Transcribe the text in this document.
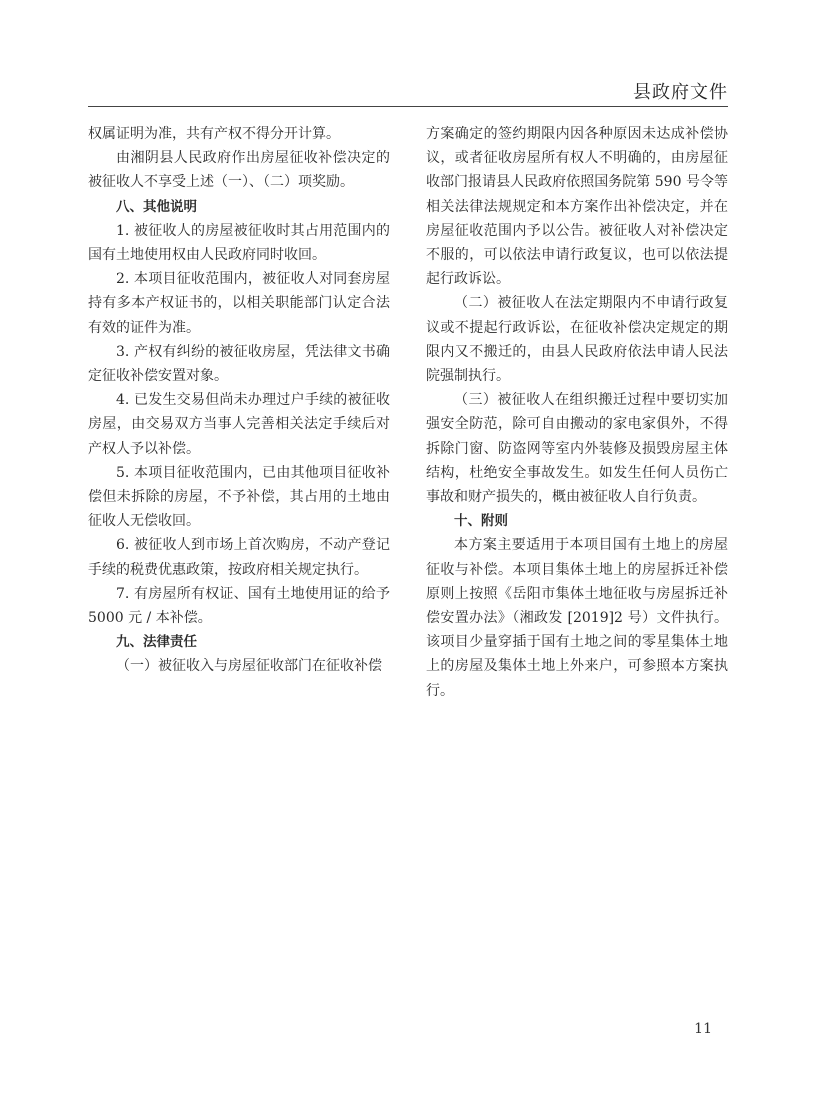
县政府文件

权属证明为准，共有产权不得分开计算。

由湘阴县人民政府作出房屋征收补偿决定的被征收人不享受上述（一）、（二）项奖励。

八、其他说明

1. 被征收人的房屋被征收时其占用范围内的国有土地使用权由人民政府同时收回。

2. 本项目征收范围内，被征收人对同套房屋持有多本产权证书的，以相关职能部门认定合法有效的证件为准。

3. 产权有纠纷的被征收房屋，凭法律文书确定征收补偿安置对象。

4. 已发生交易但尚未办理过户手续的被征收房屋，由交易双方当事人完善相关法定手续后对产权人予以补偿。

5. 本项目征收范围内，已由其他项目征收补偿但未拆除的房屋，不予补偿，其占用的土地由征收人无偿收回。

6. 被征收人到市场上首次购房，不动产登记手续的税费优惠政策，按政府相关规定执行。

7. 有房屋所有权证、国有土地使用证的给予5000 元 / 本补偿。

九、法律责任

（一）被征收入与房屋征收部门在征收补偿

方案确定的签约期限内因各种原因未达成补偿协议，或者征收房屋所有权人不明确的，由房屋征收部门报请县人民政府依照国务院第 590 号令等相关法律法规规定和本方案作出补偿决定，并在房屋征收范围内予以公告。被征收人对补偿决定不服的，可以依法申请行政复议，也可以依法提起行政诉讼。

（二）被征收人在法定期限内不申请行政复议或不提起行政诉讼，在征收补偿决定规定的期限内又不搬迁的，由县人民政府依法申请人民法院强制执行。

（三）被征收人在组织搬迁过程中要切实加强安全防范，除可自由搬动的家电家俱外，不得拆除门窗、防盗网等室内外装修及损毁房屋主体结构，杜绝安全事故发生。如发生任何人员伤亡事故和财产损失的，概由被征收人自行负责。

十、附则

本方案主要适用于本项目国有土地上的房屋征收与补偿。本项目集体土地上的房屋拆迁补偿原则上按照《岳阳市集体土地征收与房屋拆迁补偿安置办法》（湘政发 [2019]2 号）文件执行。该项目少量穿插于国有土地之间的零星集体土地上的房屋及集体土地上外来户，可参照本方案执行。

11
